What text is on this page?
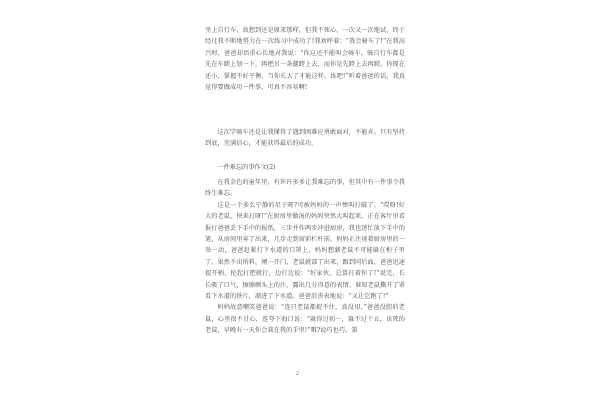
坐上自行车，故想到还是原来那样，但我不死心，一次又一次地试，终于经过我不断地努力在一次练习中成功了!我欢呼着：“我会骑车了!”在我高兴时，爸爸却语重心长地对我说：“你这还不能叫会骑车，骑自行车都是先在车踏上划一下，再把另一条腿跨上去，而你是先跨上去再蹬。你现在还小，掌握不好平衡，当你长大了才能这样，练吧!”听着爸爸的话，我真觉得要做成功一件事，可真不容易啊!

这次学骑车还是让我懂得了遇到困难应勇敢面对，不能弃。只有坚持到底，充满信心，才能获得最后的成功。

一件难忘的事作文(2)

在我金色的童年里，有许许多多让我难忘的事，但其中有一件事令我终生难忘。

这是一个多么宁静的星子呀?可被妈妈的一声惨叫打破了。“哎呀!好大的老鼠，快来打呀!”在厨房里做汤的妈妈突然大叫起来。正在客厅里看报打爸爸丢下手中的报纸，三步并作两步冲进厨房，我也迷忙放下手中的笔，从房间里奔了出来，几步走到窗前栏杆前。妈妈正注视着厨房里的一举一动，爸爸赶紧打下水道的口罩上，妈妈想潮老鼠不可能躲在柜子里了。果然不出所料，闸一开门，老鼠就部了出来，跟到同后面，爸爸迅速提开柄，抡起打把就打，边打边说：“好家伙，总算打着你了!”说完，长长吸了口气，擦擦额头上的汗，露出几分得意的表情。谁知老鼠撕开了罩看下水道的铁片，溜进了下水道。爸爸沮丧表地说：“又让它跑了!”

妈妈故意嘲笑爸爸说：“连只老鼠都捉不住，真没用，”爸爸没腔的老鼠，心里很不甘心，连夸下海口说：“躲得过初一，躲不过十五，该死的老鼠，早晚有一天你会栽在我的手里!”哦?说巧也巧，第

2
